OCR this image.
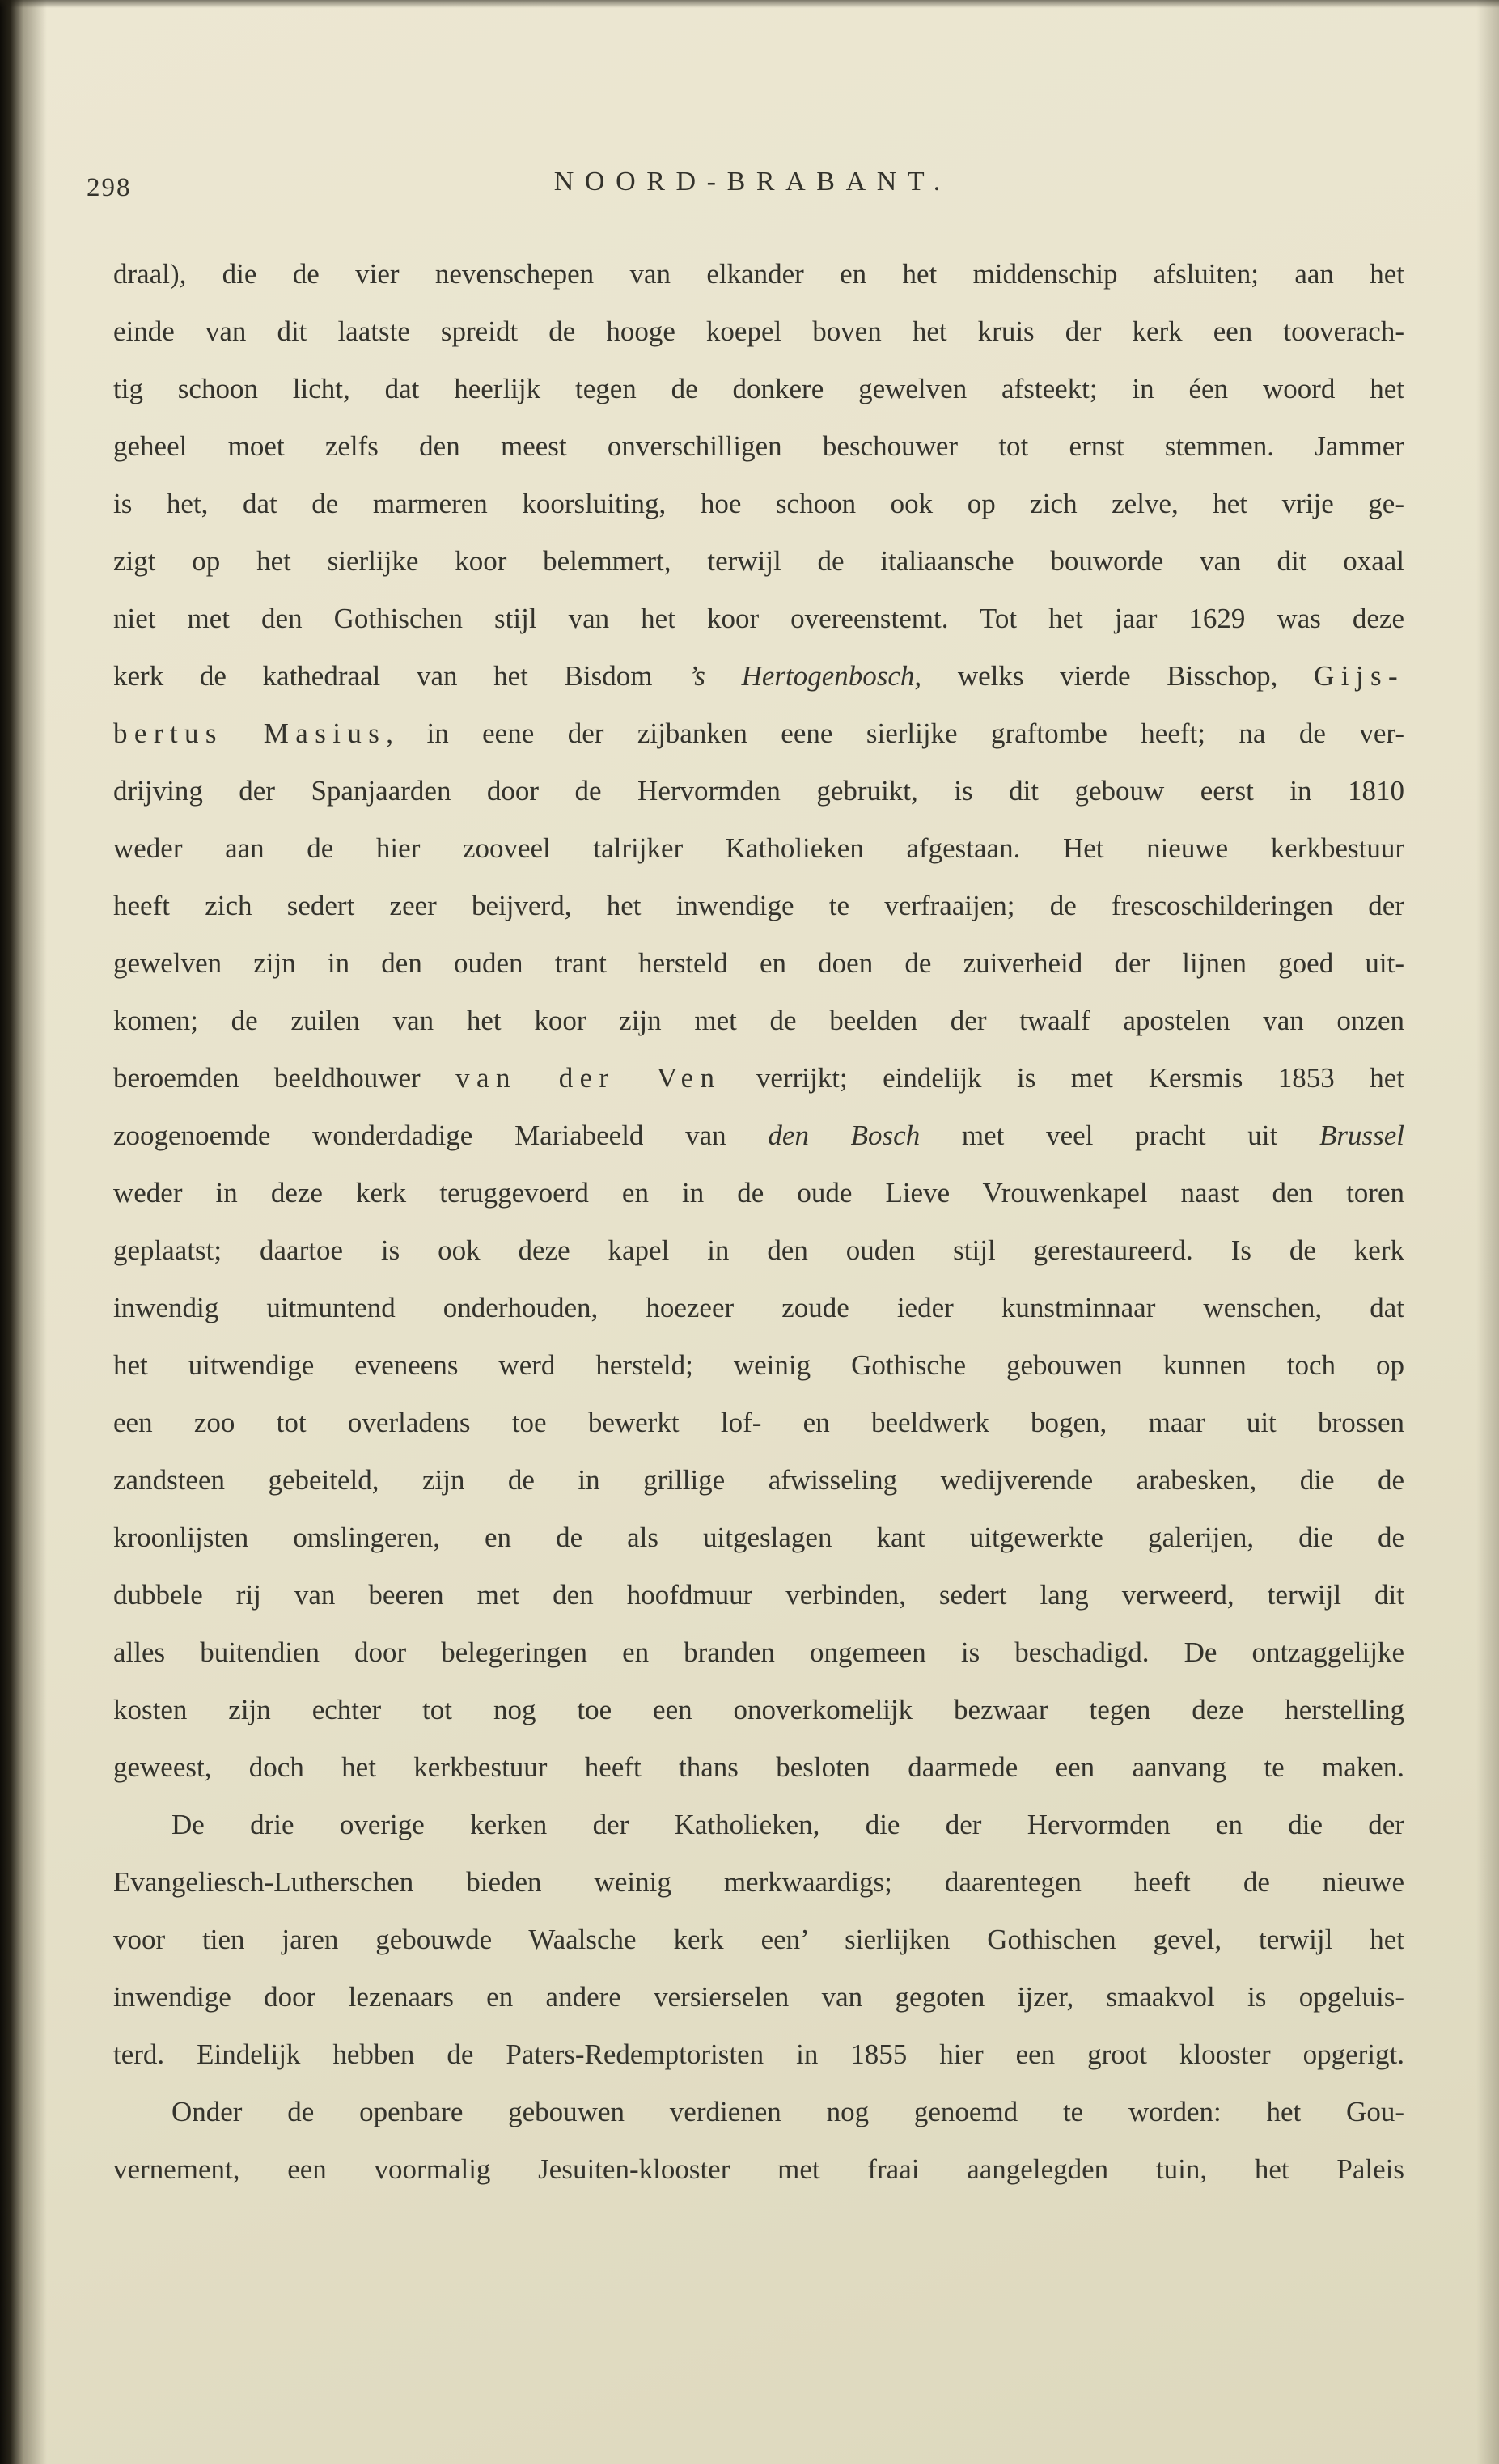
298	NOORD-BRABANT.
draal), die de vier nevenschepen van elkander en het middenschip afsluiten; aan het
einde van dit laatste spreidt de hooge koepel boven het kruis der kerk een tooverach-
tig schoon licht, dat heerlijk tegen de donkere gewelven afsteekt; in éen woord het
geheel moet zelfs den meest onverschilligen beschouwer tot ernst stemmen. Jammer
is het, dat de marmeren koorsluiting, hoe schoon ook op zich zelve, het vrije ge-
zigt op het sierlijke koor belemmert, terwijl de italiaansche bouworde van dit oxaal
niet met den Gothischen stijl van het koor overeenstemt. Tot het jaar 1629 was deze
kerk de kathedraal van het Bisdom ’s Hertogenbosch, welks vierde Bisschop, Gijs-
bertus Masius, in eene der zijbanken eene sierlijke graftombe heeft; na de ver-
drijving der Spanjaarden door de Hervormden gebruikt, is dit gebouw eerst in 1810
weder aan de hier zooveel talrijker Katholieken afgestaan. Het nieuwe kerkbestuur
heeft zich sedert zeer beijverd, het inwendige te verfraaijen; de frescoschilderingen der
gewelven zijn in den ouden trant hersteld en doen de zuiverheid der lijnen goed uit-
komen; de zuilen van het koor zijn met de beelden der twaalf apostelen van onzen
beroemden beeldhouwer van der Ven verrijkt; eindelijk is met Kersmis 1853 het
zoogenoemde wonderdadige Mariabeeld van den Bosch met veel pracht uit Brussel
weder in deze kerk teruggevoerd en in de oude Lieve Vrouwenkapel naast den toren
geplaatst; daartoe is ook deze kapel in den ouden stijl gerestaureerd. Is de kerk
inwendig uitmuntend onderhouden, hoezeer zoude ieder kunstminnaar wenschen, dat
het uitwendige eveneens werd hersteld; weinig Gothische gebouwen kunnen toch op
een zoo tot overladens toe bewerkt lof- en beeldwerk bogen, maar uit brossen
zandsteen gebeiteld, zijn de in grillige afwisseling wedijverende arabesken, die de
kroonlijsten omslingeren, en de als uitgeslagen kant uitgewerkte galerijen, die de
dubbele rij van beeren met den hoofdmuur verbinden, sedert lang verweerd, terwijl dit
alles buitendien door belegeringen en branden ongemeen is beschadigd. De ontzaggelijke
kosten zijn echter tot nog toe een onoverkomelijk bezwaar tegen deze herstelling
geweest, doch het kerkbestuur heeft thans besloten daarmede een aanvang te maken.
De drie overige kerken der Katholieken, die der Hervormden en die der
Evangeliesch-Lutherschen bieden weinig merkwaardigs; daarentegen heeft de nieuwe
voor tien jaren gebouwde Waalsche kerk een’ sierlijken Gothischen gevel, terwijl het
inwendige door lezenaars en andere versierselen van gegoten ijzer, smaakvol is opgeluis-
terd. Eindelijk hebben de Paters-Redemptoristen in 1855 hier een groot klooster opgerigt.
Onder de openbare gebouwen verdienen nog genoemd te worden: het Gou-
vernement, een voormalig Jesuiten-klooster met fraai aangelegden tuin, het Paleis
